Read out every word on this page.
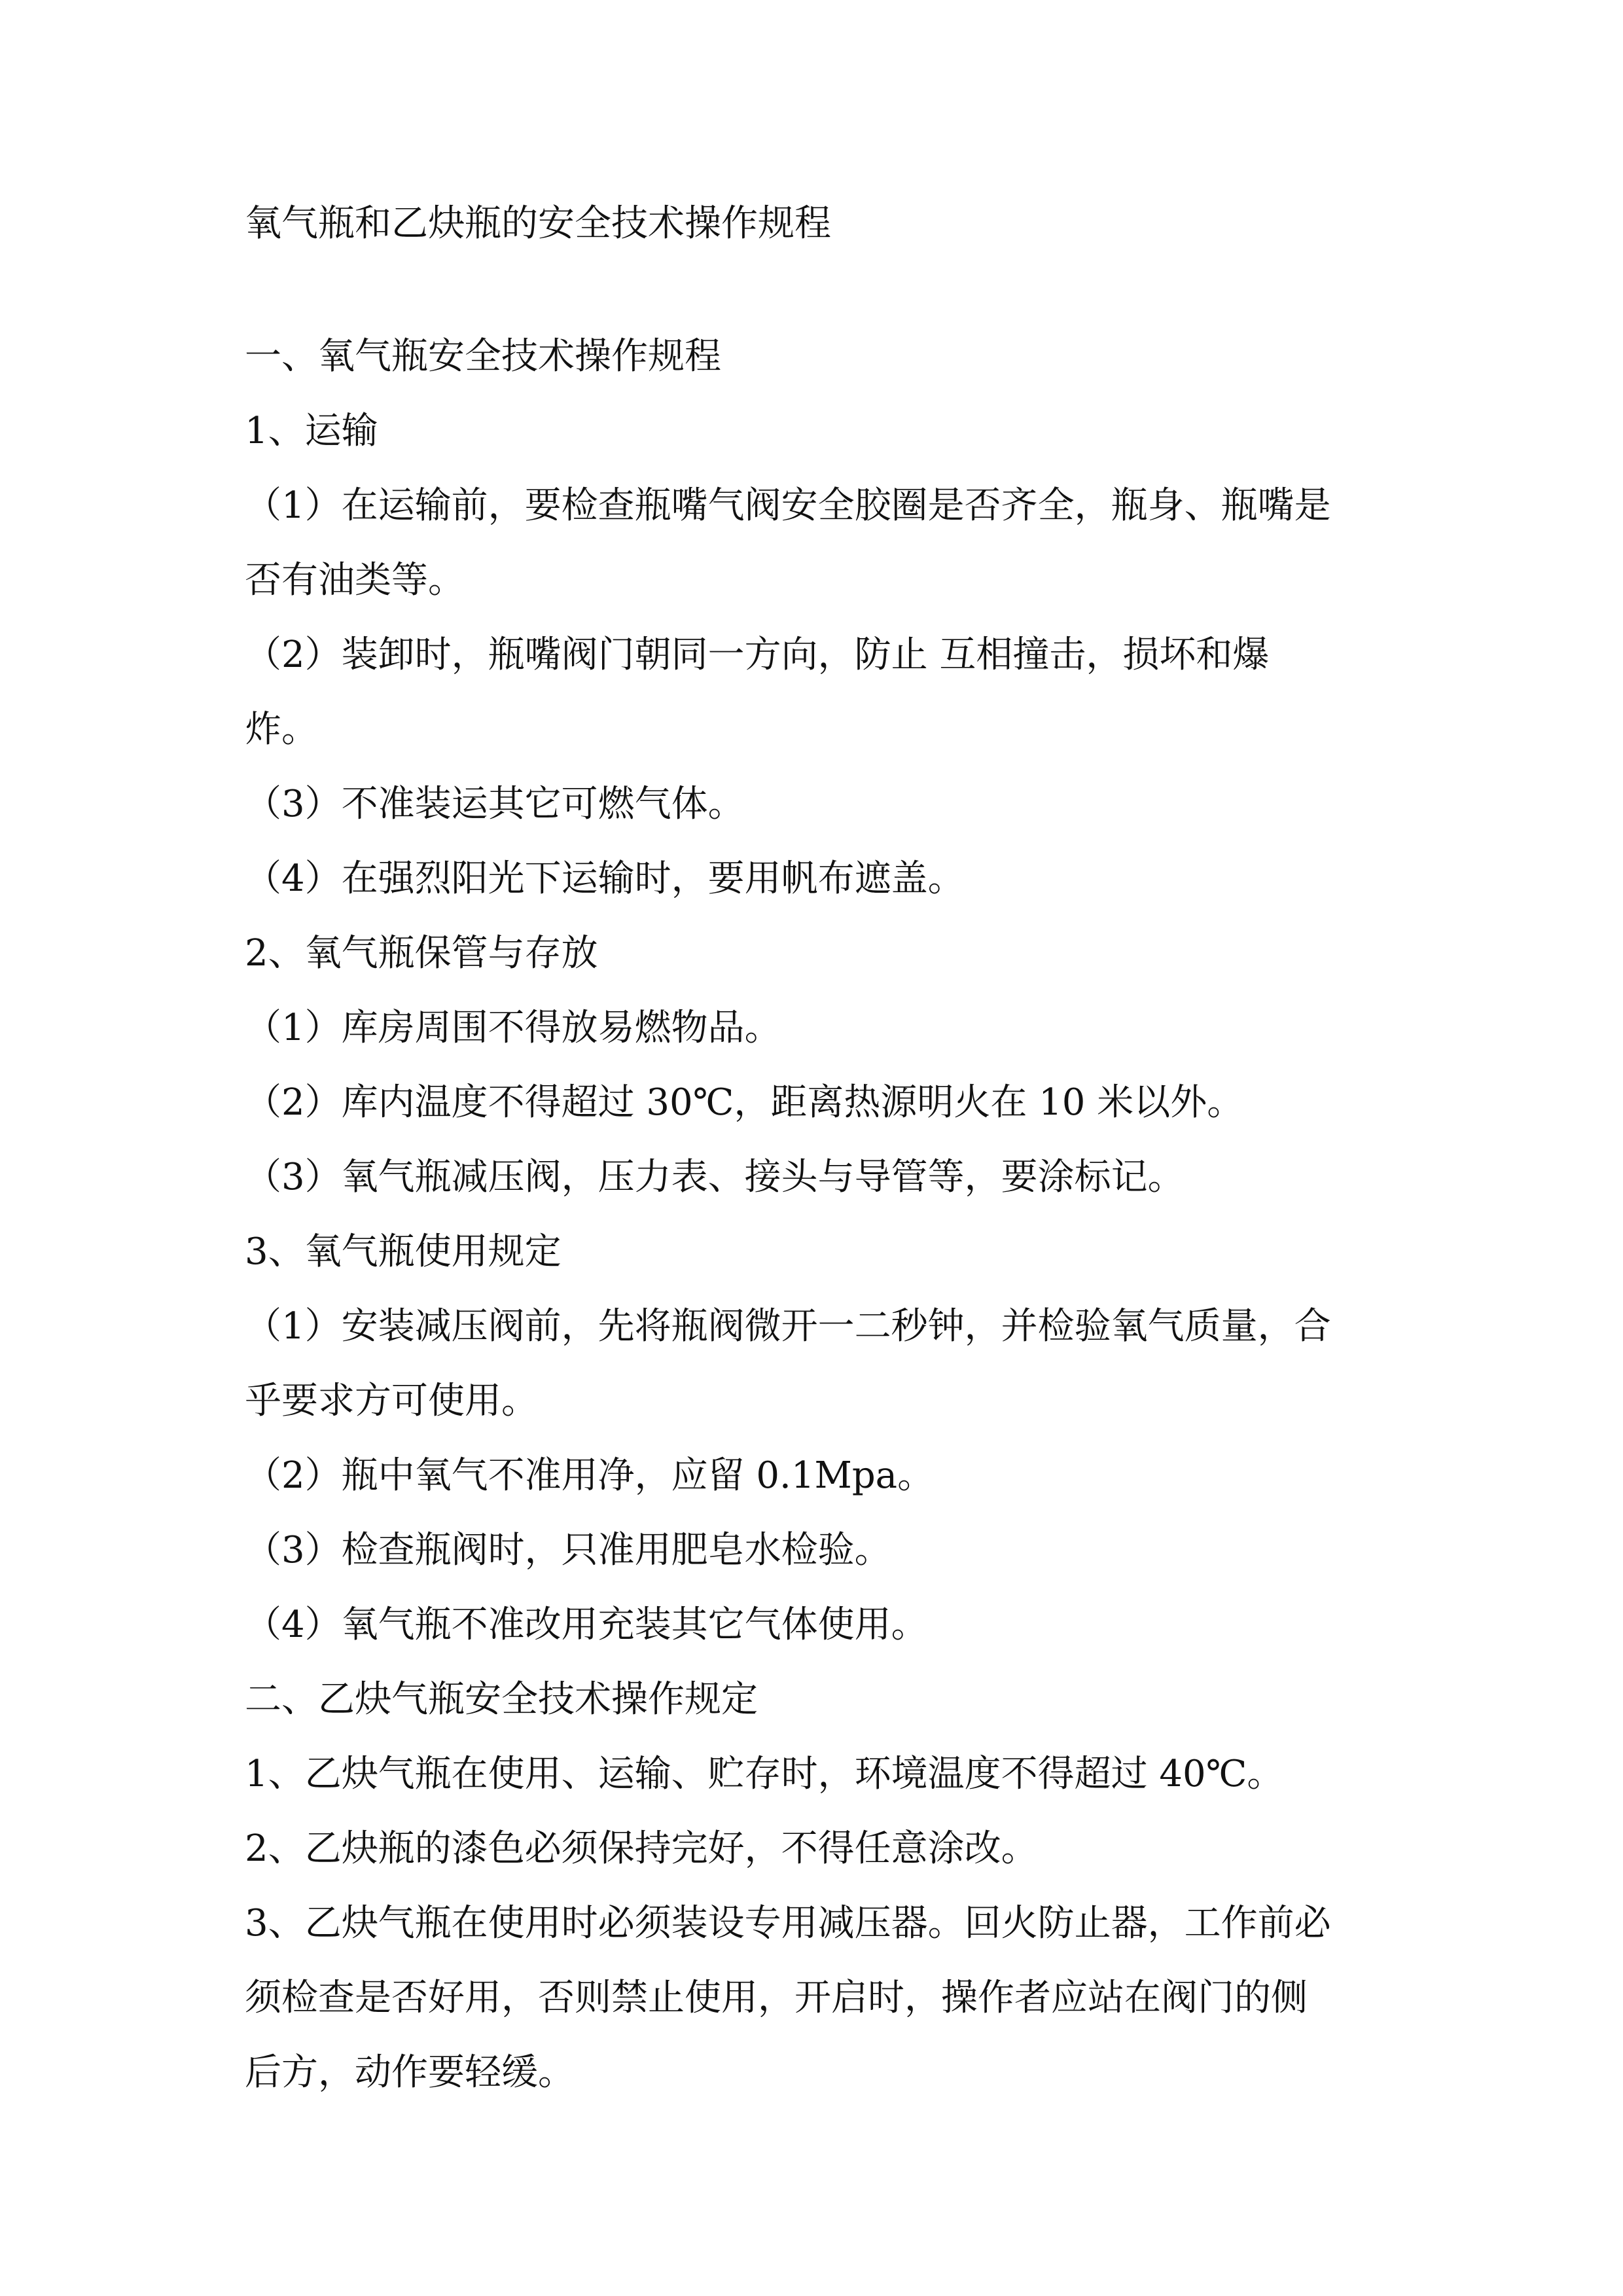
氧气瓶和乙炔瓶的安全技术操作规程
一、氧气瓶安全技术操作规程
1、运输
（1）在运输前，要检查瓶嘴气阀安全胶圈是否齐全，瓶身、瓶嘴是
否有油类等。
（2）装卸时，瓶嘴阀门朝同一方向，防止 互相撞击，损坏和爆
炸。
（3）不准装运其它可燃气体。
（4）在强烈阳光下运输时，要用帆布遮盖。
2、氧气瓶保管与存放
（1）库房周围不得放易燃物品。
（2）库内温度不得超过 30℃，距离热源明火在 10 米以外。
（3）氧气瓶减压阀，压力表、接头与导管等，要涂标记。
3、氧气瓶使用规定
（1）安装减压阀前，先将瓶阀微开一二秒钟，并检验氧气质量，合
乎要求方可使用。
（2）瓶中氧气不准用净，应留 0.1Mpa。
（3）检查瓶阀时，只准用肥皂水检验。
（4）氧气瓶不准改用充装其它气体使用。
二、乙炔气瓶安全技术操作规定
1、乙炔气瓶在使用、运输、贮存时，环境温度不得超过 40℃。
2、乙炔瓶的漆色必须保持完好，不得任意涂改。
3、乙炔气瓶在使用时必须装设专用减压器。回火防止器，工作前必
须检查是否好用，否则禁止使用，开启时，操作者应站在阀门的侧
后方，动作要轻缓。
